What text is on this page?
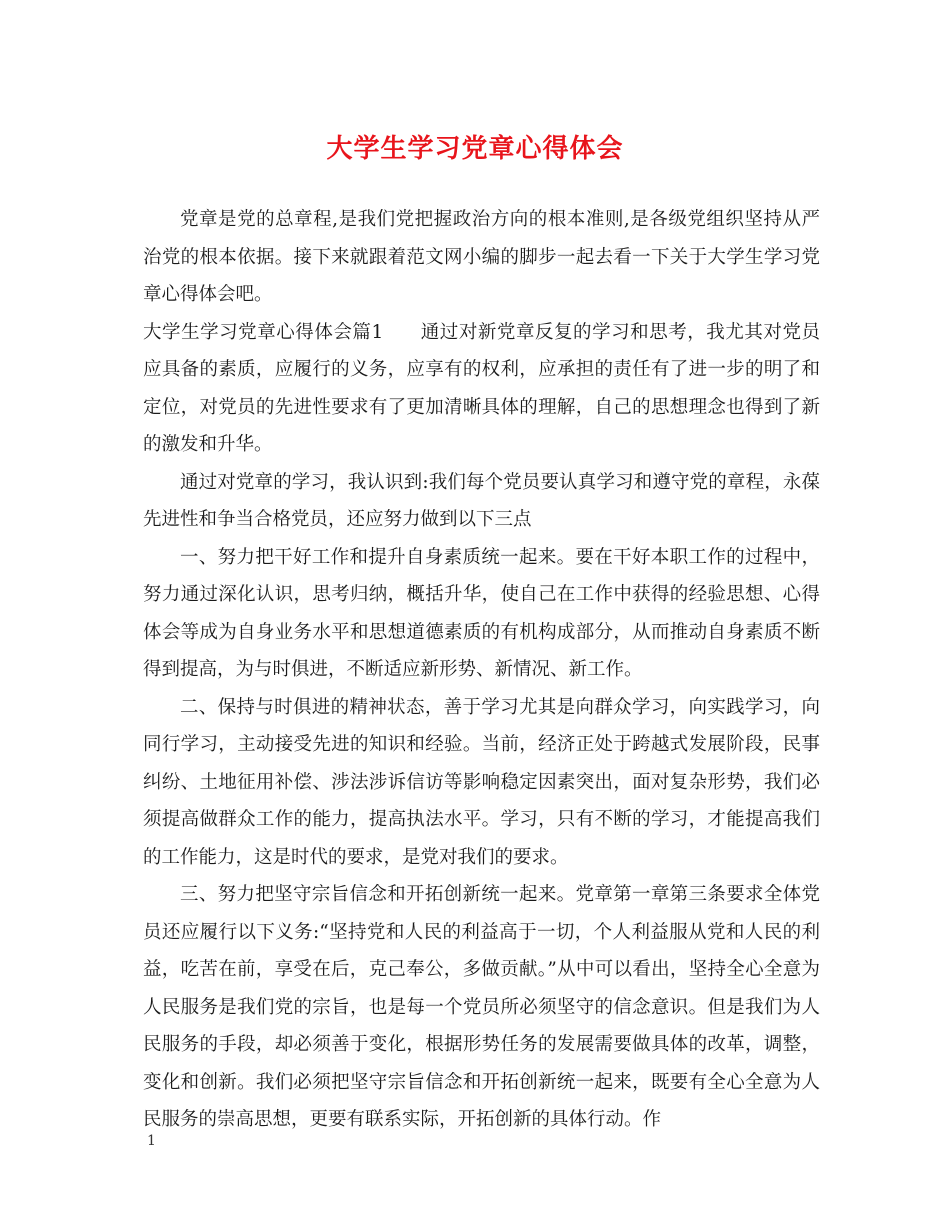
大学生学习党章心得体会

党章是党的总章程,是我们党把握政治方向的根本准则,是各级党组织坚持从严治党的根本依据。接下来就跟着范文网小编的脚步一起去看一下关于大学生学习党章心得体会吧。

大学生学习党章心得体会篇1 通过对新党章反复的学习和思考，我尤其对党员应具备的素质，应履行的义务，应享有的权利，应承担的责任有了进一步的明了和定位，对党员的先进性要求有了更加清晰具体的理解，自己的思想理念也得到了新的激发和升华。

通过对党章的学习，我认识到:我们每个党员要认真学习和遵守党的章程，永葆先进性和争当合格党员，还应努力做到以下三点

一、努力把干好工作和提升自身素质统一起来。要在干好本职工作的过程中，努力通过深化认识，思考归纳，概括升华，使自己在工作中获得的经验思想、心得体会等成为自身业务水平和思想道德素质的有机构成部分，从而推动自身素质不断得到提高，为与时俱进，不断适应新形势、新情况、新工作。

二、保持与时俱进的精神状态，善于学习尤其是向群众学习，向实践学习，向同行学习，主动接受先进的知识和经验。当前，经济正处于跨越式发展阶段，民事纠纷、土地征用补偿、涉法涉诉信访等影响稳定因素突出，面对复杂形势，我们必须提高做群众工作的能力，提高执法水平。学习，只有不断的学习，才能提高我们的工作能力，这是时代的要求，是党对我们的要求。

三、努力把坚守宗旨信念和开拓创新统一起来。党章第一章第三条要求全体党员还应履行以下义务:“坚持党和人民的利益高于一切，个人利益服从党和人民的利益，吃苦在前，享受在后，克己奉公，多做贡献。”从中可以看出，坚持全心全意为人民服务是我们党的宗旨，也是每一个党员所必须坚守的信念意识。但是我们为人民服务的手段，却必须善于变化，根据形势任务的发展需要做具体的改革，调整，变化和创新。我们必须把坚守宗旨信念和开拓创新统一起来，既要有全心全意为人民服务的崇高思想，更要有联系实际，开拓创新的具体行动。作

1
